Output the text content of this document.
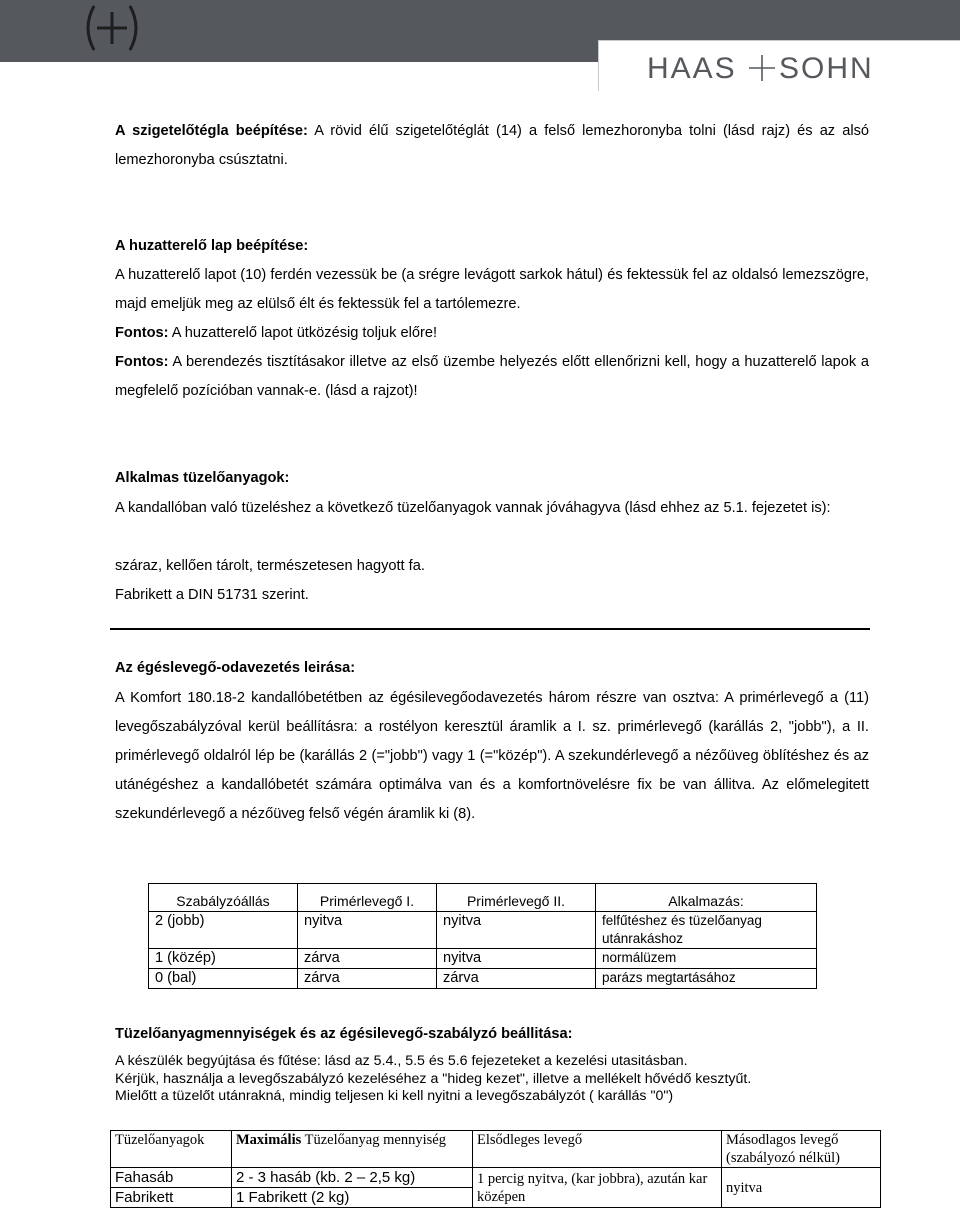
HAAS SOHN

A szigetelőtégla beépítése: A rövid élű szigetelőtéglát (14) a felső lemezhoronyba tolni (lásd rajz) és az alsó lemezhoronyba csúsztatni.

A huzatterelő lap beépítése:

A huzatterelő lapot (10) ferdén vezessük be (a srégre levágott sarkok hátul) és fektessük fel az oldalsó lemezszögre, majd emeljük meg az elülső élt és fektessük fel a tartólemezre.

Fontos: A huzatterelő lapot ütközésig toljuk előre!

Fontos: A berendezés tisztításakor illetve az első üzembe helyezés előtt ellenőrizni kell, hogy a huzatterelő lapok a megfelelő pozícióban vannak-e. (lásd a rajzot)!

Alkalmas tüzelőanyagok:

A kandallóban való tüzeléshez a következő tüzelőanyagok vannak jóváhagyva (lásd ehhez az 5.1. fejezetet is):

száraz, kellően tárolt, természetesen hagyott fa.

Fabrikett a DIN 51731 szerint.

Az égéslevegő-odavezetés leirása:

A Komfort 180.18-2 kandallóbetétben az égésilevegőodavezetés három részre van osztva: A primérlevegő a (11) levegőszabályzóval kerül beállításra: a rostélyon keresztül áramlik a I. sz. primérlevegő (karállás 2, "jobb"), a II. primérlevegő oldalról lép be (karállás 2 (="jobb") vagy 1 (="közép"). A szekundérlevegő a nézőüveg öblítéshez és az utánégéshez a kandallóbetét számára optimálva van és a komfortnövelésre fix be van állitva. Az előmelegitett szekundérlevegő a nézőüveg felső végén áramlik ki (8).

Szabályzóállás	Primérlevegő I.	Primérlevegő II.	Alkalmazás:
2 (jobb)	nyitva	nyitva	felfűtéshez és tüzelőanyag utánrakáshoz
1 (közép)	zárva	nyitva	normálüzem
0 (bal)	zárva	zárva	parázs megtartásához

Tüzelőanyagmennyiségek és az égésilevegő-szabályzó beállitása:

A készülék begyújtása és fűtése: lásd az 5.4., 5.5 és 5.6 fejezeteket a kezelési utasitásban.
Kérjük, használja a levegőszabályzó kezeléséhez a "hideg kezet", illetve a mellékelt hővédő kesztyűt.
Mielőtt a tüzelőt utánrakná, mindig teljesen ki kell nyitni a levegőszabályzót ( karállás "0")
Tüzelőanyagok	Maximális Tüzelőanyag mennyiség	Elsődleges levegő	Másodlagos levegő (szabályozó nélkül)
Fahasáb	2 - 3 hasáb (kb. 2 – 2,5 kg)	1 percig nyitva, (kar jobbra), azután kar középen	nyitva
Fabrikett	1 Fabrikett (2 kg)		
